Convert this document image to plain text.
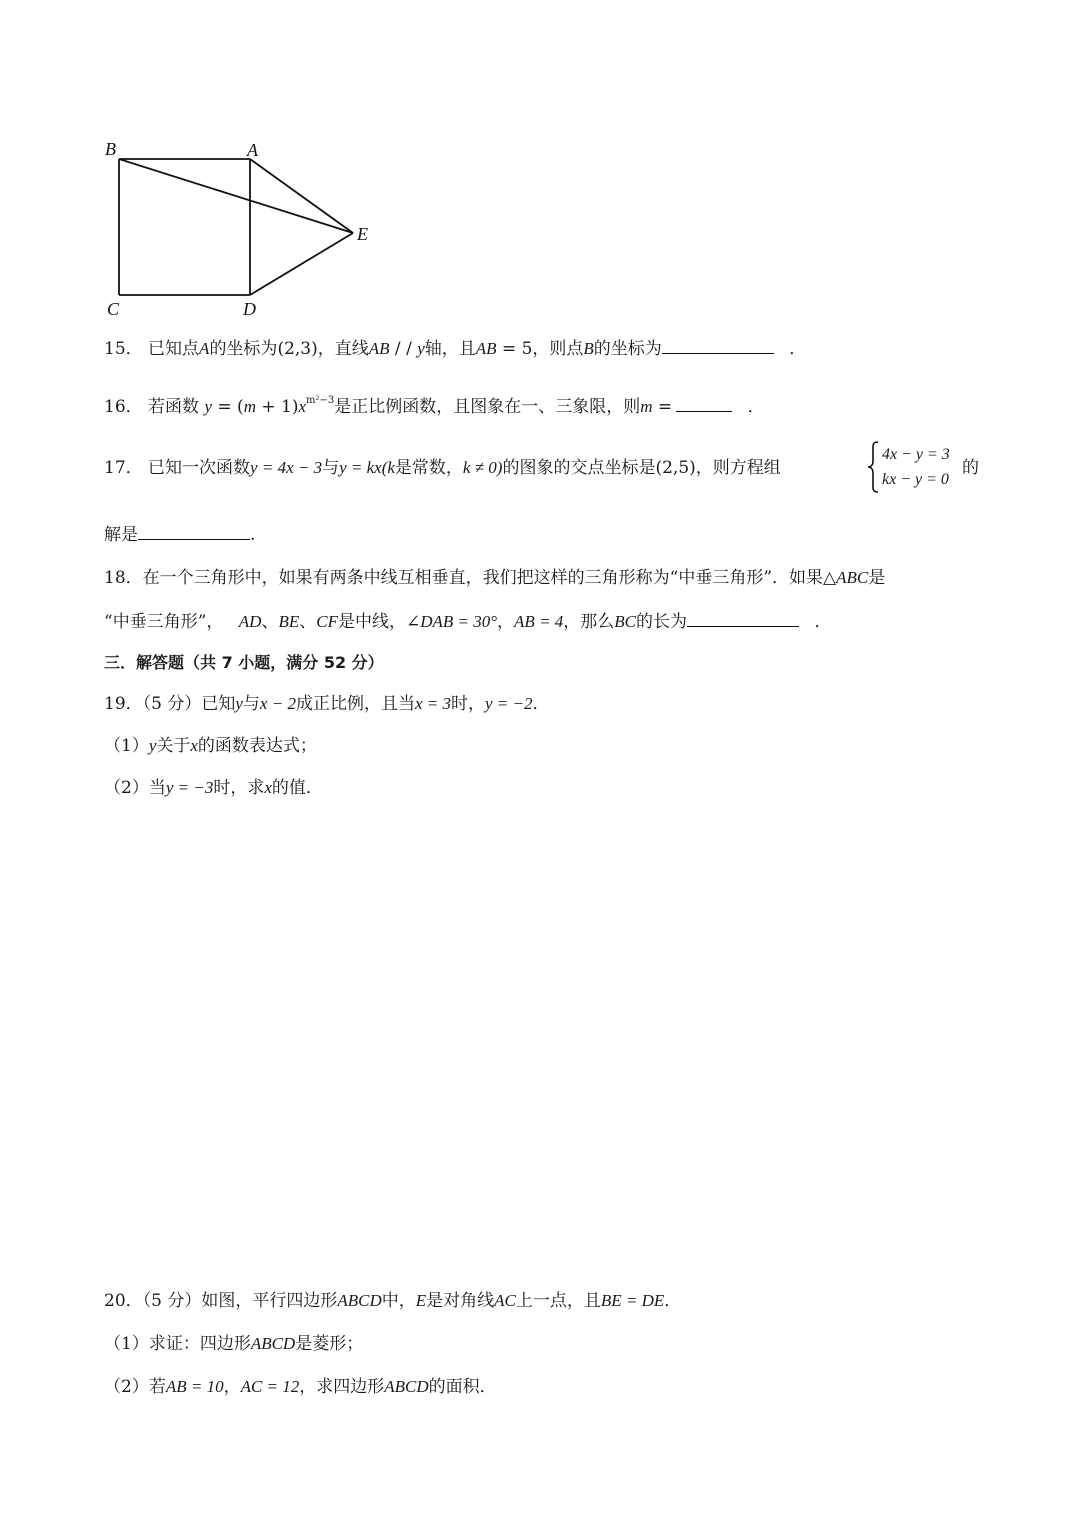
B	A
E
C	D
15． 已知点A的坐标为(2,3)，直线AB / / y轴，且AB = 5，则点B的坐标为	．
16． 若函数 $y = (m + 1)x^{m^2-3}$是正比例函数，且图象在一、三象限，则m =	．
17． 已知一次函数y = 4x − 3与y = kx(k是常数，k ≠ 0)的图象的交点坐标是(2,5)，则方程组
4x − y = 3
kx − y = 0
的
解是	.
18．在一个三角形中，如果有两条中线互相垂直，我们把这样的三角形称为“中垂三角形”．如果△ABC是
“中垂三角形”， AD、BE、CF是中线，∠DAB = 30°，AB = 4，那么BC的长为	．
三．解答题（共 7 小题，满分 52 分）
19．（5 分）已知y与x − 2成正比例，且当x = 3时，y = −2．
（1）y关于x的函数表达式；
（2）当y = −3时，求x的值．
20．（5 分）如图，平行四边形ABCD中，E是对角线AC上一点，且BE = DE．
（1）求证：四边形ABCD是菱形；
（2）若AB = 10，AC = 12，求四边形ABCD的面积．
